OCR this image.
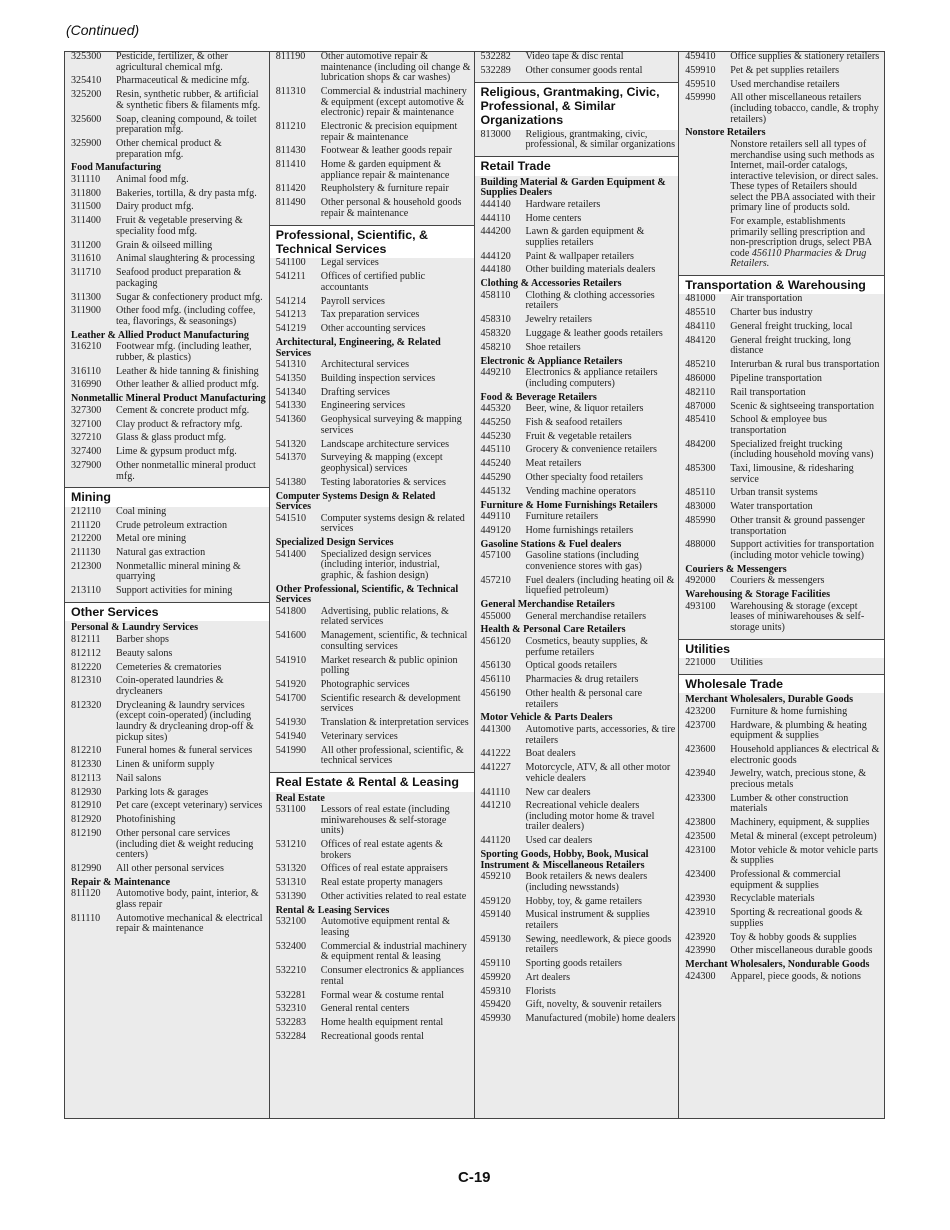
(Continued)
325300	Pesticide, fertilizer, & other agricultural chemical mfg.
325410	Pharmaceutical & medicine mfg.
325200	Resin, synthetic rubber, & artificial & synthetic fibers & filaments mfg.
325600	Soap, cleaning compound, & toilet preparation mfg.
325900	Other chemical product & preparation mfg.
Food Manufacturing
311110	Animal food mfg.
311800	Bakeries, tortilla, & dry pasta mfg.
311500	Dairy product mfg.
311400	Fruit & vegetable preserving & speciality food mfg.
311200	Grain & oilseed milling
311610	Animal slaughtering & processing
311710	Seafood product preparation & packaging
311300	Sugar & confectionery product mfg.
311900	Other food mfg. (including coffee, tea, flavorings, & seasonings)
Leather & Allied Product Manufacturing
316210	Footwear mfg. (including leather, rubber, & plastics)
316110	Leather & hide tanning & finishing
316990	Other leather & allied product mfg.
Nonmetallic Mineral Product Manufacturing
327300	Cement & concrete product mfg.
327100	Clay product & refractory mfg.
327210	Glass & glass product mfg.
327400	Lime & gypsum product mfg.
327900	Other nonmetallic mineral product mfg.
Mining
212110	Coal mining
211120	Crude petroleum extraction
212200	Metal ore mining
211130	Natural gas extraction
212300	Nonmetallic mineral mining & quarrying
213110	Support activities for mining
Other Services
Personal & Laundry Services
812111	Barber shops
812112	Beauty salons
812220	Cemeteries & crematories
812310	Coin-operated laundries & drycleaners
812320	Drycleaning & laundry services (except coin-operated) (including laundry & drycleaning drop-off & pickup sites)
812210	Funeral homes & funeral services
812330	Linen & uniform supply
812113	Nail salons
812930	Parking lots & garages
812910	Pet care (except veterinary) services
812920	Photofinishing
812190	Other personal care services (including diet & weight reducing centers)
812990	All other personal services
Repair & Maintenance
811120	Automotive body, paint, interior, & glass repair
811110	Automotive mechanical & electrical repair & maintenance
811190	Other automotive repair & maintenance (including oil change & lubrication shops & car washes)
811310	Commercial & industrial machinery & equipment (except automotive & electronic) repair & maintenance
811210	Electronic & precision equipment repair & maintenance
811430	Footwear & leather goods repair
811410	Home & garden equipment & appliance repair & maintenance
811420	Reupholstery & furniture repair
811490	Other personal & household goods repair & maintenance
Professional, Scientific, & Technical Services
541100	Legal services
541211	Offices of certified public accountants
541214	Payroll services
541213	Tax preparation services
541219	Other accounting services
Architectural, Engineering, & Related Services
541310	Architectural services
541350	Building inspection services
541340	Drafting services
541330	Engineering services
541360	Geophysical surveying & mapping services
541320	Landscape architecture services
541370	Surveying & mapping (except geophysical) services
541380	Testing laboratories & services
Computer Systems Design & Related Services
541510	Computer systems design & related services
Specialized Design Services
541400	Specialized design services (including interior, industrial, graphic, & fashion design)
Other Professional, Scientific, & Technical Services
541800	Advertising, public relations, & related services
541600	Management, scientific, & technical consulting services
541910	Market research & public opinion polling
541920	Photographic services
541700	Scientific research & development services
541930	Translation & interpretation services
541940	Veterinary services
541990	All other professional, scientific, & technical services
Real Estate & Rental & Leasing
Real Estate
531100	Lessors of real estate (including miniwarehouses & self-storage units)
531210	Offices of real estate agents & brokers
531320	Offices of real estate appraisers
531310	Real estate property managers
531390	Other activities related to real estate
Rental & Leasing Services
532100	Automotive equipment rental & leasing
532400	Commercial & industrial machinery & equipment rental & leasing
532210	Consumer electronics & appliances rental
532281	Formal wear & costume rental
532310	General rental centers
532283	Home health equipment rental
532284	Recreational goods rental
532282	Video tape & disc rental
532289	Other consumer goods rental
Religious, Grantmaking, Civic, Professional, & Similar Organizations
813000	Religious, grantmaking, civic, professional, & similar organizations
Retail Trade
Building Material & Garden Equipment & Supplies Dealers
444140	Hardware retailers
444110	Home centers
444200	Lawn & garden equipment & supplies retailers
444120	Paint & wallpaper retailers
444180	Other building materials dealers
Clothing & Accessories Retailers
458110	Clothing & clothing accessories retailers
458310	Jewelry retailers
458320	Luggage & leather goods retailers
458210	Shoe retailers
Electronic & Appliance Retailers
449210	Electronics & appliance retailers (including computers)
Food & Beverage Retailers
445320	Beer, wine, & liquor retailers
445250	Fish & seafood retailers
445230	Fruit & vegetable retailers
445110	Grocery & convenience retailers
445240	Meat retailers
445290	Other specialty food retailers
445132	Vending machine operators
Furniture & Home Furnishings Retailers
449110	Furniture retailers
449120	Home furnishings retailers
Gasoline Stations & Fuel dealers
457100	Gasoline stations (including convenience stores with gas)
457210	Fuel dealers (including heating oil & liquefied petroleum)
General Merchandise Retailers
455000	General merchandise retailers
Health & Personal Care Retailers
456120	Cosmetics, beauty supplies, & perfume retailers
456130	Optical goods retailers
456110	Pharmacies & drug retailers
456190	Other health & personal care retailers
Motor Vehicle & Parts Dealers
441300	Automotive parts, accessories, & tire retailers
441222	Boat dealers
441227	Motorcycle, ATV, & all other motor vehicle dealers
441110	New car dealers
441210	Recreational vehicle dealers (including motor home & travel trailer dealers)
441120	Used car dealers
Sporting Goods, Hobby, Book, Musical Instrument & Miscellaneous Retailers
459210	Book retailers & news dealers (including newsstands)
459120	Hobby, toy, & game retailers
459140	Musical instrument & supplies retailers
459130	Sewing, needlework, & piece goods retailers
459110	Sporting goods retailers
459920	Art dealers
459310	Florists
459420	Gift, novelty, & souvenir retailers
459930	Manufactured (mobile) home dealers
459410	Office supplies & stationery retailers
459910	Pet & pet supplies retailers
459510	Used merchandise retailers
459990	All other miscellaneous retailers (including tobacco, candle, & trophy retailers)
Nonstore Retailers
Nonstore retailers sell all types of merchandise using such methods as Internet, mail-order catalogs, interactive television, or direct sales. These types of Retailers should select the PBA associated with their primary line of products sold.
For example, establishments primarily selling prescription and non-prescription drugs, select PBA code 456110 Pharmacies & Drug Retailers.
Transportation & Warehousing
481000	Air transportation
485510	Charter bus industry
484110	General freight trucking, local
484120	General freight trucking, long distance
485210	Interurban & rural bus transportation
486000	Pipeline transportation
482110	Rail transportation
487000	Scenic & sightseeing transportation
485410	School & employee bus transportation
484200	Specialized freight trucking (including household moving vans)
485300	Taxi, limousine, & ridesharing service
485110	Urban transit systems
483000	Water transportation
485990	Other transit & ground passenger transportation
488000	Support activities for transportation (including motor vehicle towing)
Couriers & Messengers
492000	Couriers & messengers
Warehousing & Storage Facilities
493100	Warehousing & storage (except leases of miniwarehouses & self-storage units)
Utilities
221000	Utilities
Wholesale Trade
Merchant Wholesalers, Durable Goods
423200	Furniture & home furnishing
423700	Hardware, & plumbing & heating equipment & supplies
423600	Household appliances & electrical & electronic goods
423940	Jewelry, watch, precious stone, & precious metals
423300	Lumber & other construction materials
423800	Machinery, equipment, & supplies
423500	Metal & mineral (except petroleum)
423100	Motor vehicle & motor vehicle parts & supplies
423400	Professional & commercial equipment & supplies
423930	Recyclable materials
423910	Sporting & recreational goods & supplies
423920	Toy & hobby goods & supplies
423990	Other miscellaneous durable goods
Merchant Wholesalers, Nondurable Goods
424300	Apparel, piece goods, & notions
C-19
